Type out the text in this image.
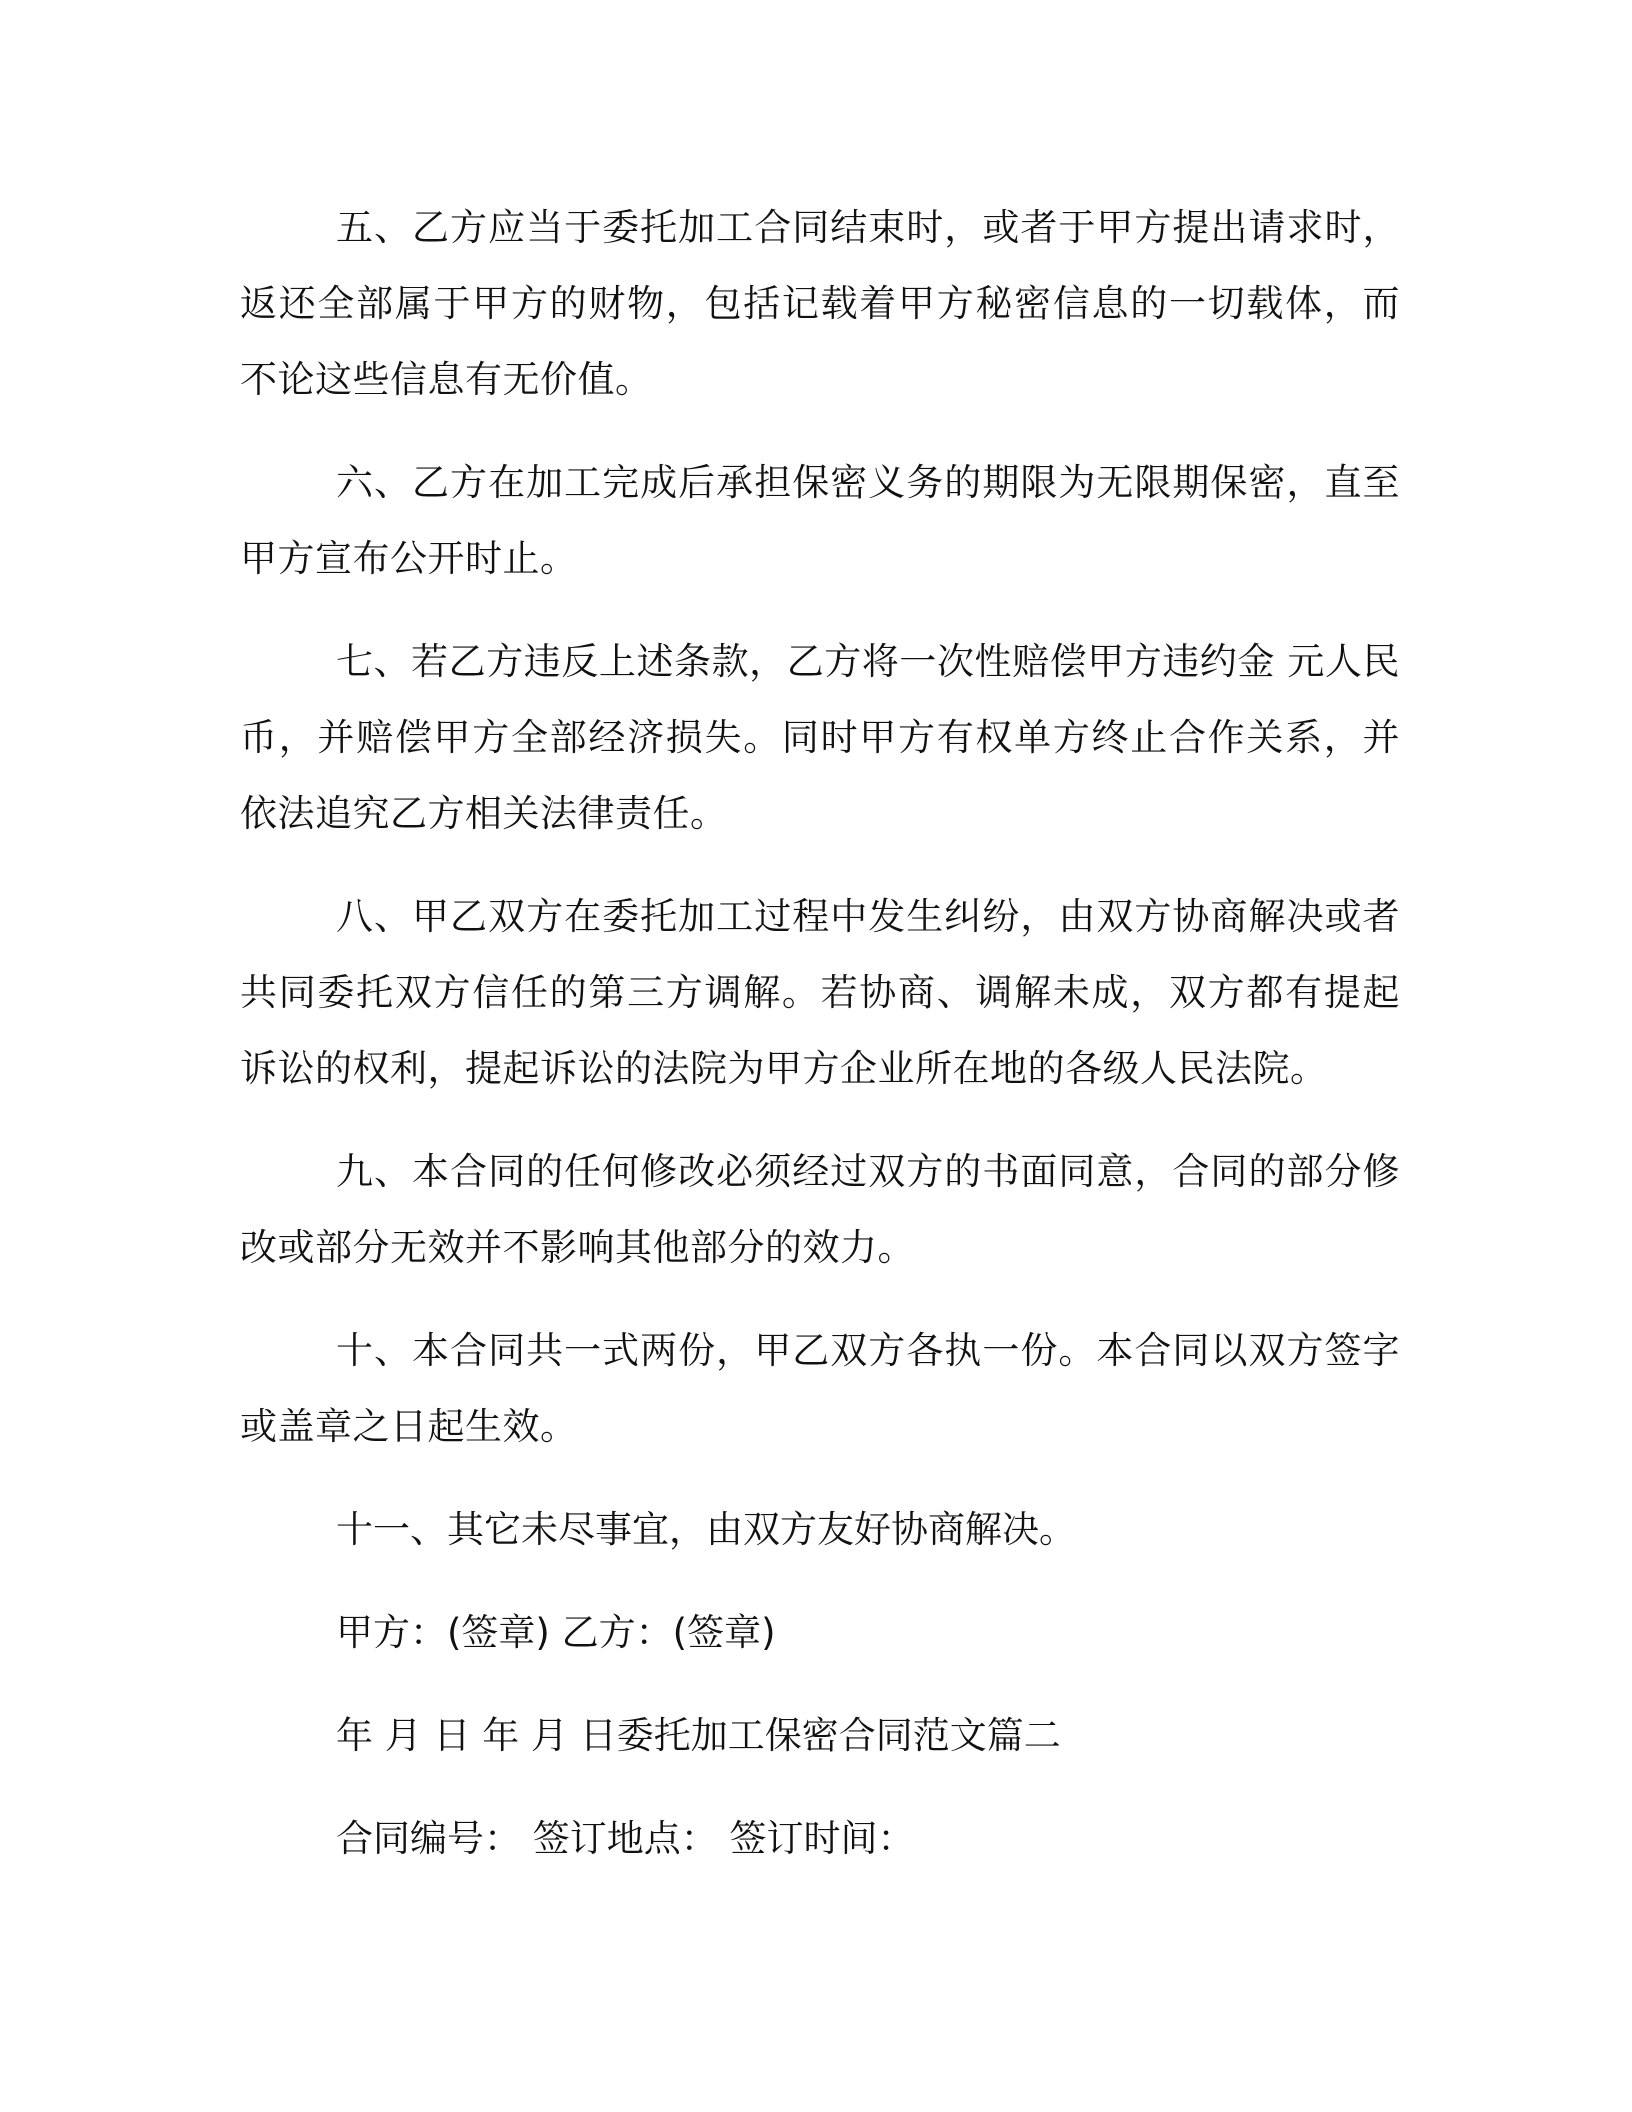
五、乙方应当于委托加工合同结束时，或者于甲方提出请求时，返还全部属于甲方的财物，包括记载着甲方秘密信息的一切载体，而不论这些信息有无价值。

六、乙方在加工完成后承担保密义务的期限为无限期保密，直至甲方宣布公开时止。

七、若乙方违反上述条款，乙方将一次性赔偿甲方违约金 元人民币，并赔偿甲方全部经济损失。同时甲方有权单方终止合作关系，并依法追究乙方相关法律责任。

八、甲乙双方在委托加工过程中发生纠纷，由双方协商解决或者共同委托双方信任的第三方调解。若协商、调解未成，双方都有提起诉讼的权利，提起诉讼的法院为甲方企业所在地的各级人民法院。

九、本合同的任何修改必须经过双方的书面同意，合同的部分修改或部分无效并不影响其他部分的效力。

十、本合同共一式两份，甲乙双方各执一份。本合同以双方签字或盖章之日起生效。

十一、其它未尽事宜，由双方友好协商解决。

甲方：(签章) 乙方：(签章)

年 月 日 年 月 日委托加工保密合同范文篇二

合同编号： 签订地点： 签订时间：
